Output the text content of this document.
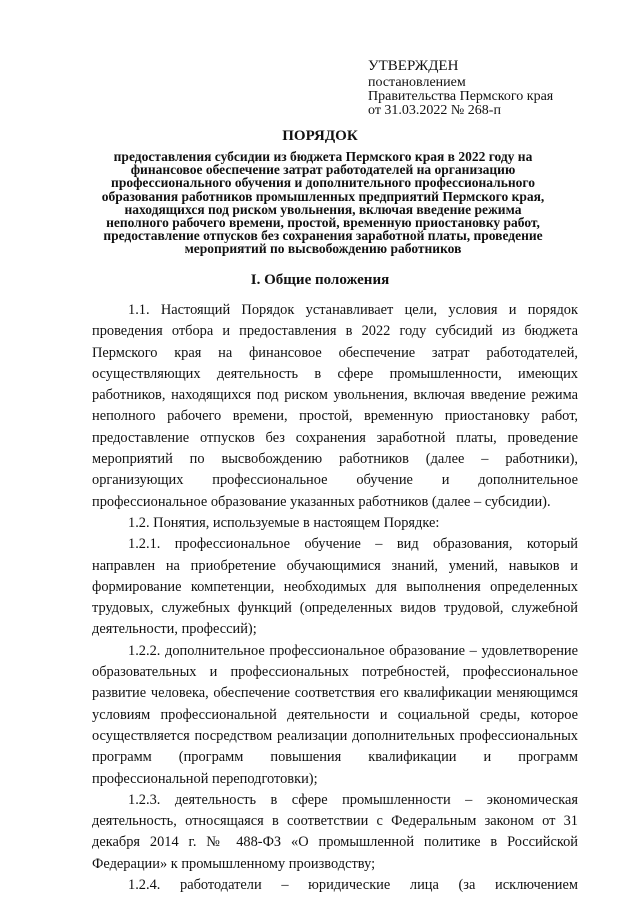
УТВЕРЖДЕН
постановлением
Правительства Пермского края
от 31.03.2022 № 268-п
ПОРЯДОК
предоставления субсидии из бюджета Пермского края в 2022 году на финансовое обеспечение затрат работодателей на организацию профессионального обучения и дополнительного профессионального образования работников промышленных предприятий Пермского края, находящихся под риском увольнения, включая введение режима неполного рабочего времени, простой, временную приостановку работ, предоставление отпусков без сохранения заработной платы, проведение мероприятий по высвобождению работников
I. Общие положения

1.1. Настоящий Порядок устанавливает цели, условия и порядок проведения отбора и предоставления в 2022 году субсидий из бюджета Пермского края на финансовое обеспечение затрат работодателей, осуществляющих деятельность в сфере промышленности, имеющих работников, находящихся под риском увольнения, включая введение режима неполного рабочего времени, простой, временную приостановку работ, предоставление отпусков без сохранения заработной платы, проведение мероприятий по высвобождению работников (далее – работники), организующих профессиональное обучение и дополнительное профессиональное образование указанных работников (далее – субсидии).

1.2. Понятия, используемые в настоящем Порядке:

1.2.1. профессиональное обучение – вид образования, который направлен на приобретение обучающимися знаний, умений, навыков и формирование компетенции, необходимых для выполнения определенных трудовых, служебных функций (определенных видов трудовой, служебной деятельности, профессий);

1.2.2. дополнительное профессиональное образование – удовлетворение образовательных и профессиональных потребностей, профессиональное развитие человека, обеспечение соответствия его квалификации меняющимся условиям профессиональной деятельности и социальной среды, которое осуществляется посредством реализации дополнительных профессиональных программ (программ повышения квалификации и программ профессиональной переподготовки);

1.2.3. деятельность в сфере промышленности – экономическая деятельность, относящаяся в соответствии с Федеральным законом от 31 декабря 2014 г. № 488-ФЗ «О промышленной политике в Российской Федерации» к промышленному производству;

1.2.4. работодатели – юридические лица (за исключением
